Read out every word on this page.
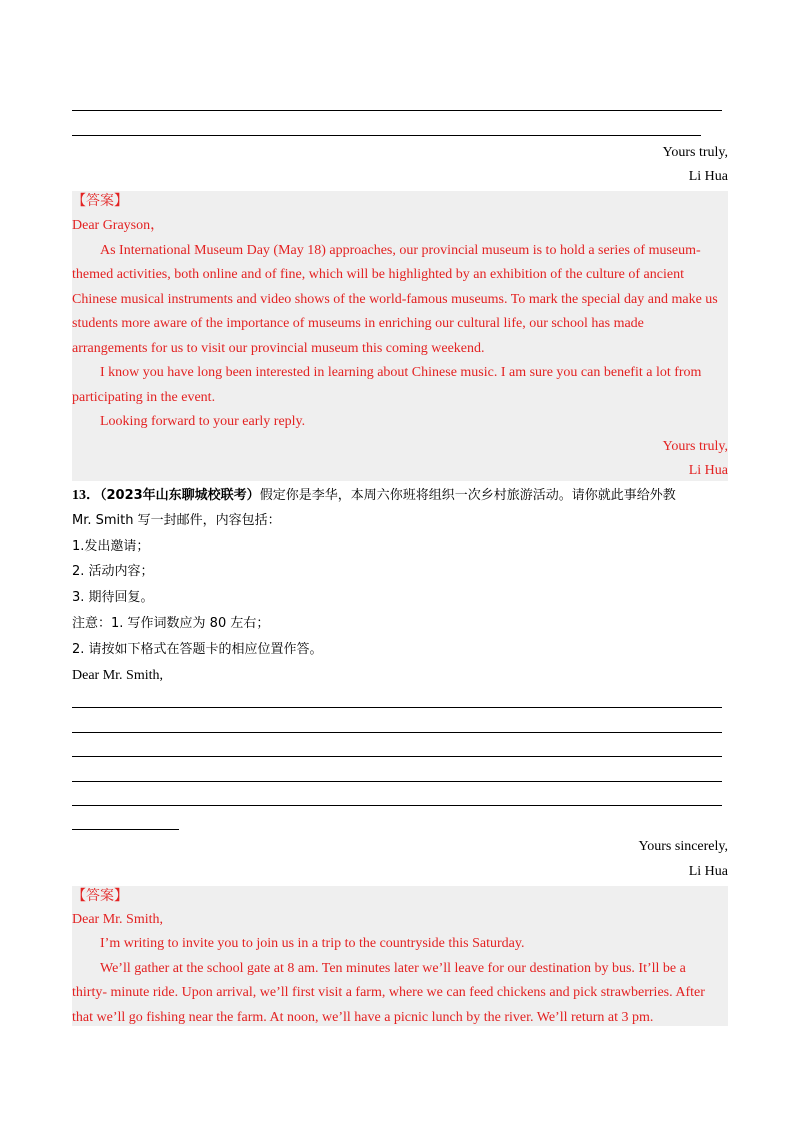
Yours truly,
Li Hua
【答案】
Dear Grayson，
As International Museum Day (May 18) approaches, our provincial museum is to hold a series of museum-
themed activities, both online and of fine, which will be highlighted by an exhibition of the culture of ancient
Chinese musical instruments and video shows of the world-famous museums. To mark the special day and make us
students more aware of the importance of museums in enriching our cultural life, our school has made
arrangements for us to visit our provincial museum this coming weekend.
I know you have long been interested in learning about Chinese music. I am sure you can benefit a lot from
participating in the event.
Looking forward to your early reply.
Yours truly,
Li Hua
13．（2023年山东聊城校联考）假定你是李华，本周六你班将组织一次乡村旅游活动。请你就此事给外教
Mr. Smith 写一封邮件，内容包括：
1.发出邀请；
2. 活动内容；
3. 期待回复。
注意：1. 写作词数应为 80 左右；
2. 请按如下格式在答题卡的相应位置作答。
Dear Mr. Smith,
Yours sincerely,
Li Hua
【答案】
Dear Mr. Smith,
I’m writing to invite you to join us in a trip to the countryside this Saturday.
We’ll gather at the school gate at 8 am. Ten minutes later we’ll leave for our destination by bus. It’ll be a
thirty- minute ride. Upon arrival, we’ll first visit a farm, where we can feed chickens and pick strawberries. After
that we’ll go fishing near the farm. At noon, we’ll have a picnic lunch by the river. We’ll return at 3 pm.
